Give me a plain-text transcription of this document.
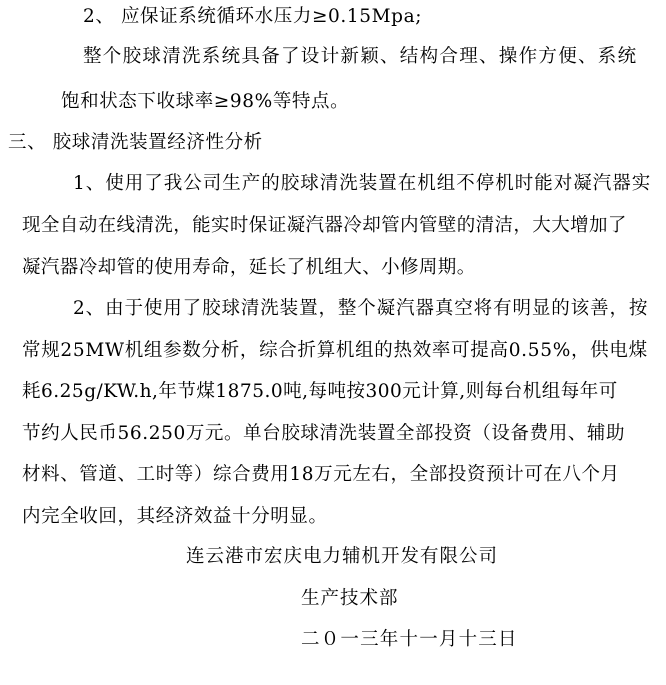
2、 应保证系统循环水压力≥0.15Mpa;
整个胶球清洗系统具备了设计新颖、结构合理、操作方便、系统
饱和状态下收球率≥98%等特点。
三、 胶球清洗装置经济性分析
1、使用了我公司生产的胶球清洗装置在机组不停机时能对凝汽器实
现全自动在线清洗，能实时保证凝汽器冷却管内管壁的清洁，大大增加了
凝汽器冷却管的使用寿命，延长了机组大、小修周期。
2、由于使用了胶球清洗装置，整个凝汽器真空将有明显的该善，按
常规25MW机组参数分析，综合折算机组的热效率可提高0.55%，供电煤
耗6.25g/KW.h,年节煤1875.0吨,每吨按300元计算,则每台机组每年可
节约人民币56.250万元。单台胶球清洗装置全部投资（设备费用、辅助
材料、管道、工时等）综合费用18万元左右，全部投资预计可在八个月
内完全收回，其经济效益十分明显。
连云港市宏庆电力辅机开发有限公司
生产技术部
二０一三年十一月十三日
